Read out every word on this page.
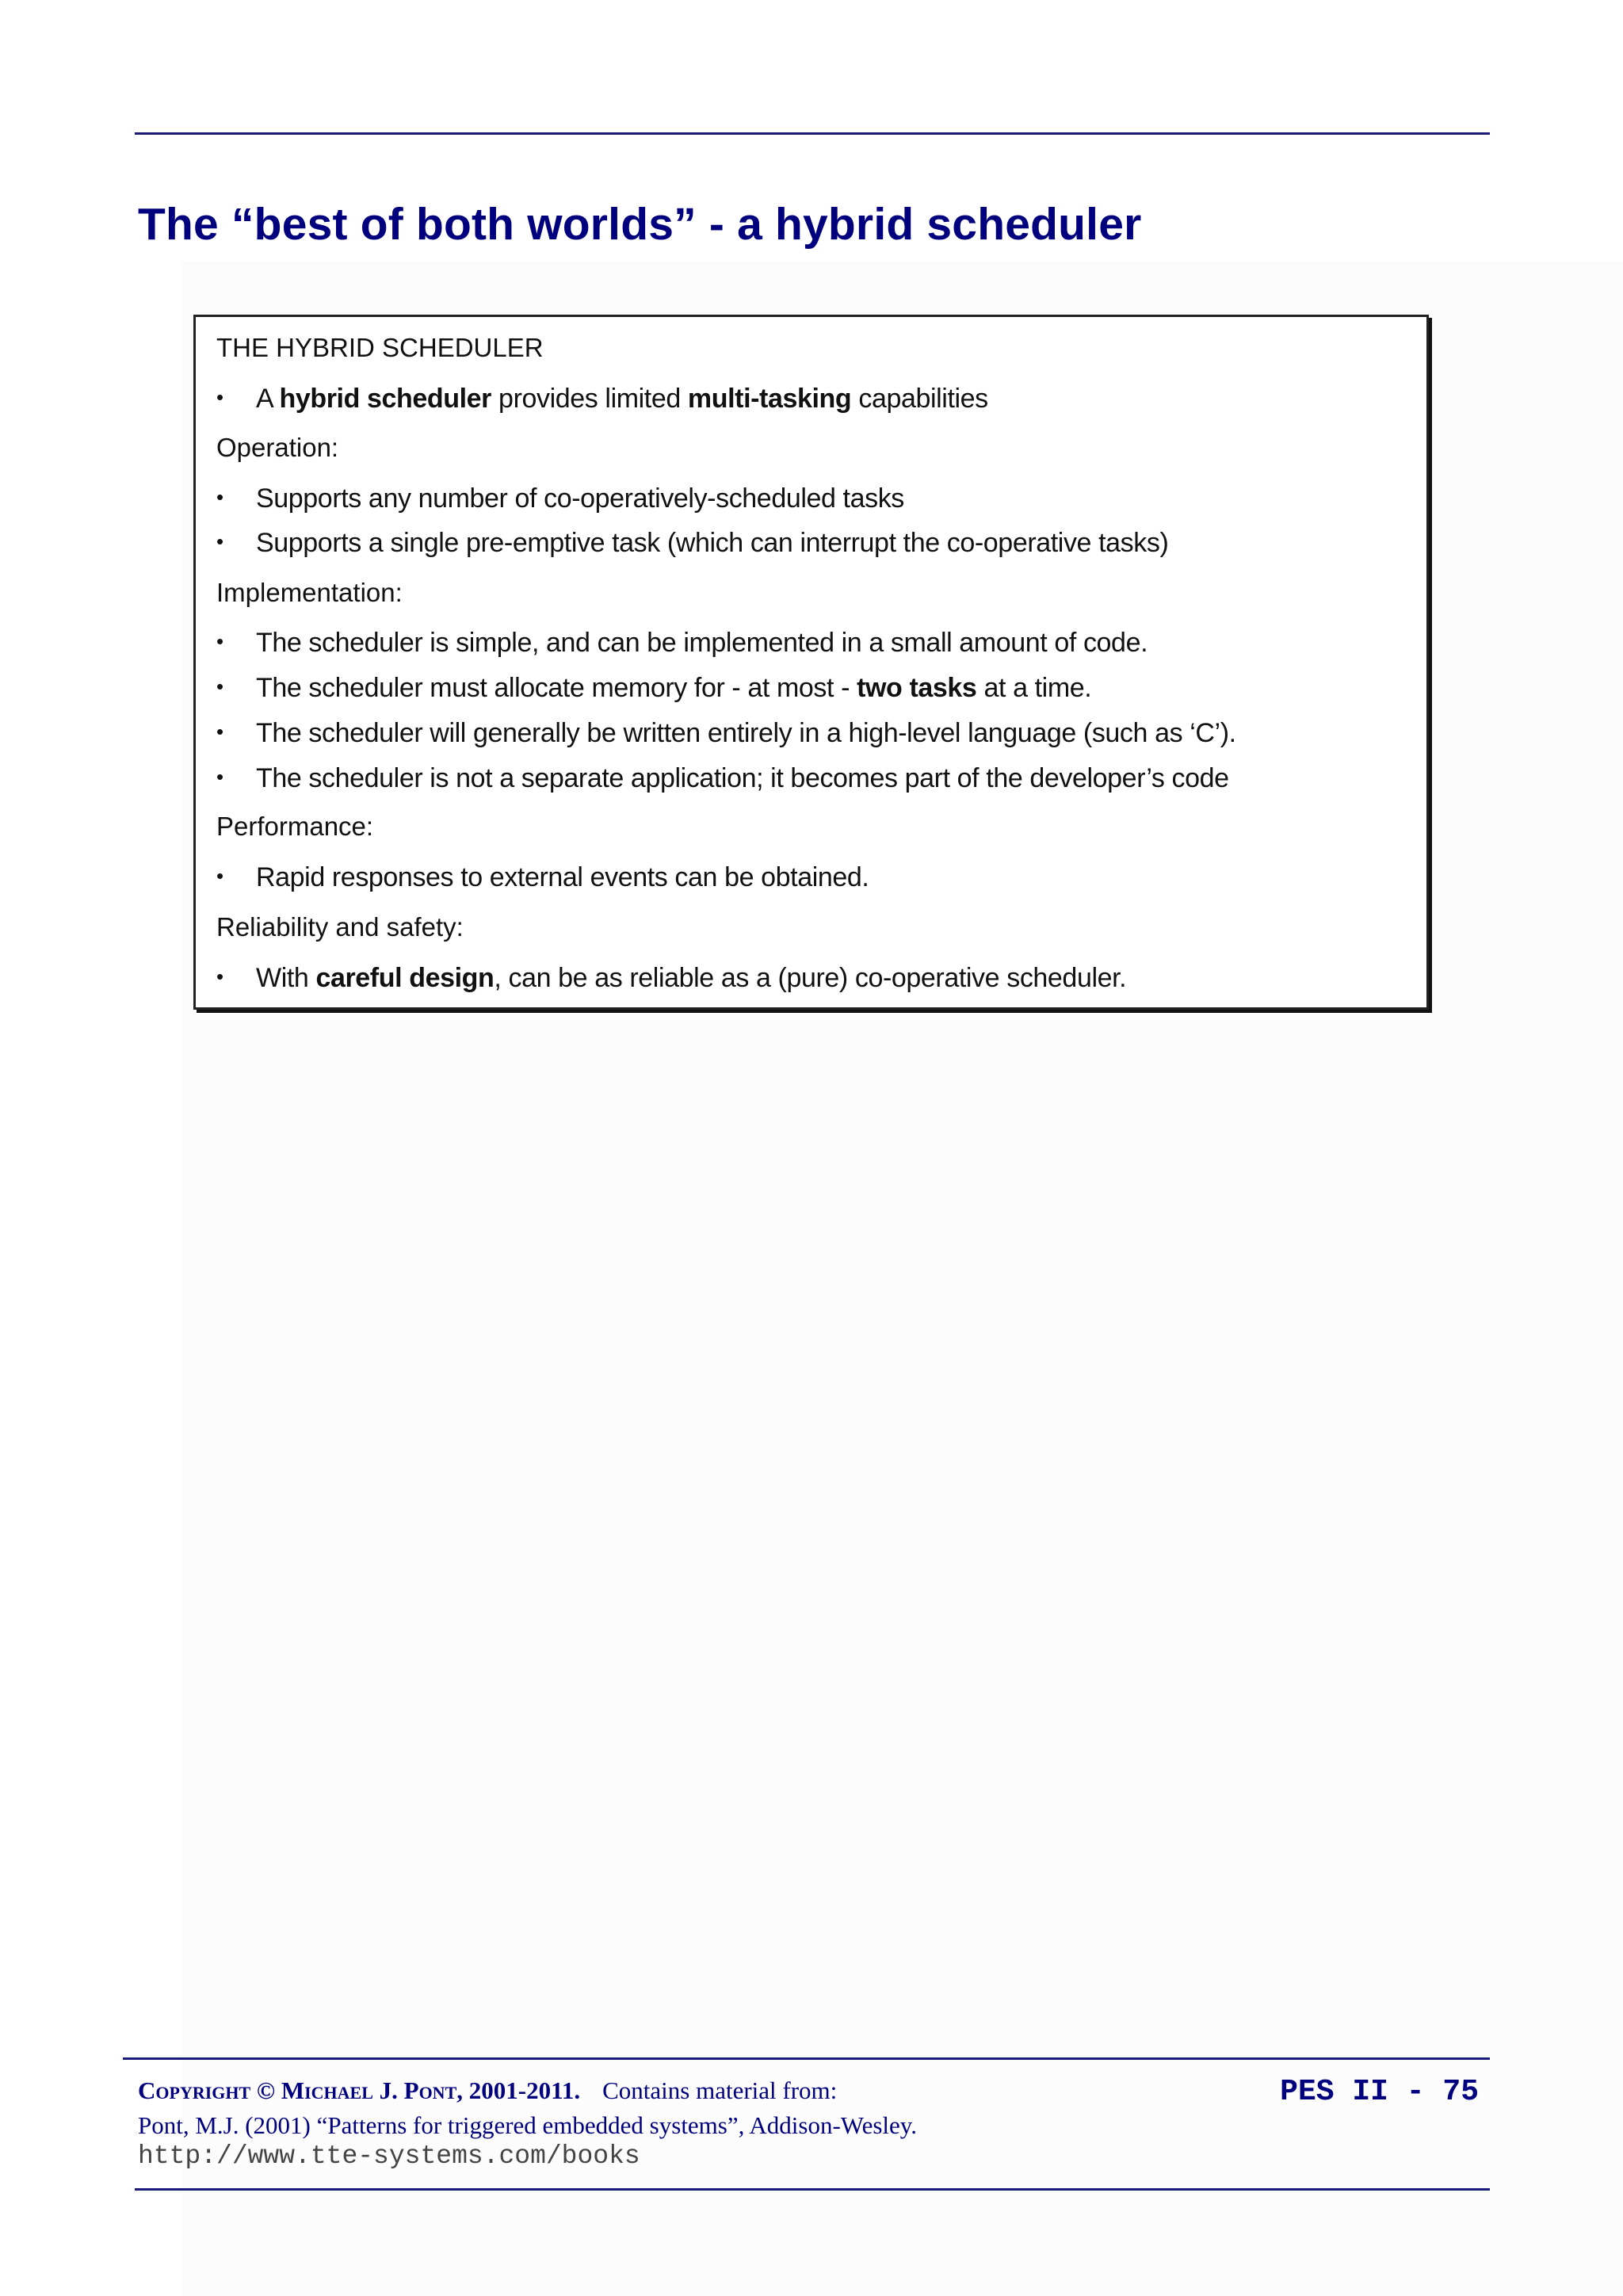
The “best of both worlds” - a hybrid scheduler
THE HYBRID SCHEDULER
• A hybrid scheduler provides limited multi-tasking capabilities
Operation:
• Supports any number of co-operatively-scheduled tasks
• Supports a single pre-emptive task (which can interrupt the co-operative tasks)
Implementation:
• The scheduler is simple, and can be implemented in a small amount of code.
• The scheduler must allocate memory for - at most - two tasks at a time.
• The scheduler will generally be written entirely in a high-level language (such as ‘C’).
• The scheduler is not a separate application; it becomes part of the developer’s code
Performance:
• Rapid responses to external events can be obtained.
Reliability and safety:
• With careful design, can be as reliable as a (pure) co-operative scheduler.
Copyright © Michael J. Pont, 2001-2011. Contains material from:
Pont, M.J. (2001) “Patterns for triggered embedded systems”, Addison-Wesley.
http://www.tte-systems.com/books
PES II - 75
